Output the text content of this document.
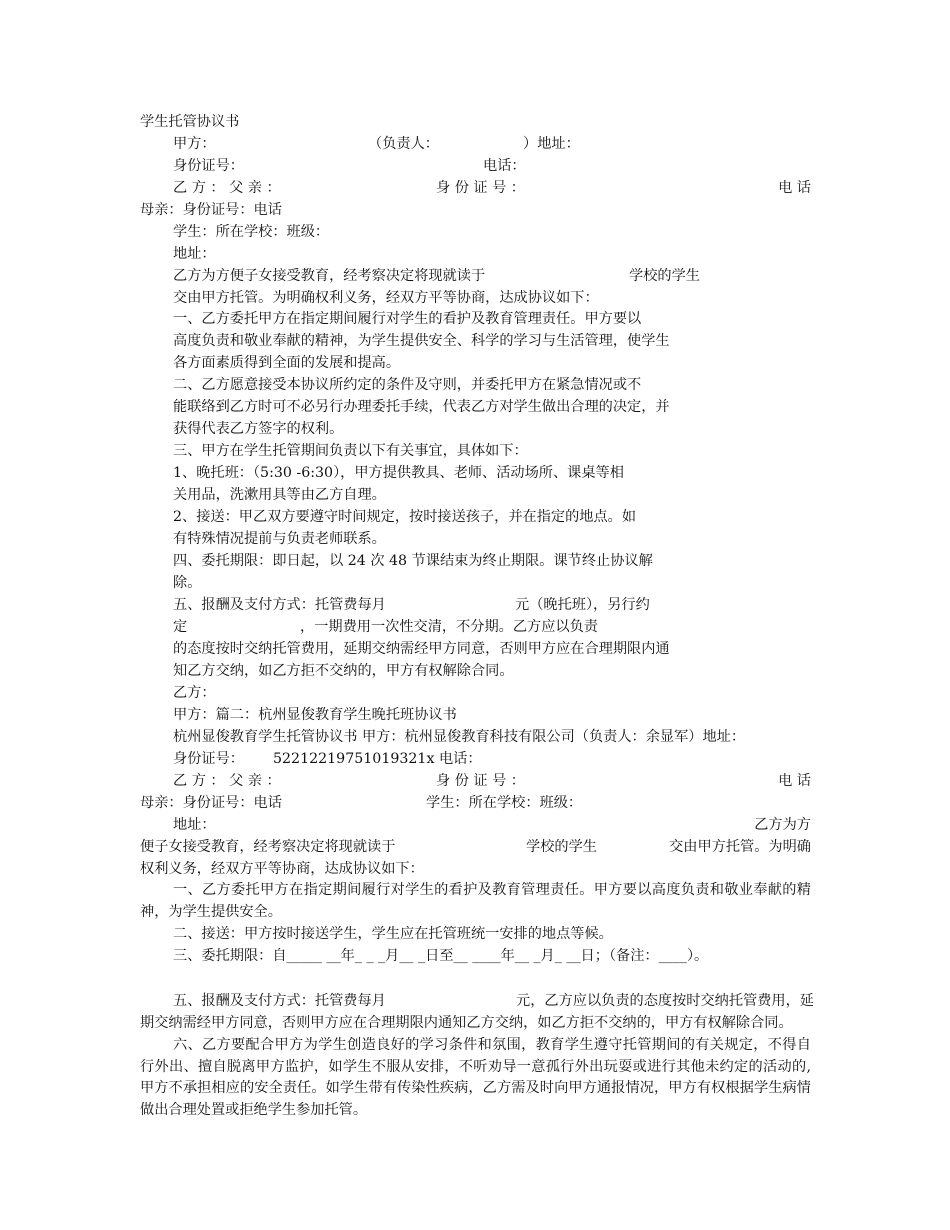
学生托管协议书
甲方：	（负责人：	）地址：
身份证号：	电话：
乙 方 ： 父 亲 ：	身 份 证 号 ：	电 话
母亲：身份证号：电话
学生：所在学校：班级：
地址：
乙方为方便子女接受教育，经考察决定将现就读于	学校的学生
交由甲方托管。为明确权利义务，经双方平等协商，达成协议如下：
一、乙方委托甲方在指定期间履行对学生的看护及教育管理责任。甲方要以
高度负责和敬业奉献的精神，为学生提供安全、科学的学习与生活管理，使学生
各方面素质得到全面的发展和提高。
二、乙方愿意接受本协议所约定的条件及守则，并委托甲方在紧急情况或不
能联络到乙方时可不必另行办理委托手续，代表乙方对学生做出合理的决定，并
获得代表乙方签字的权利。
三、甲方在学生托管期间负责以下有关事宜，具体如下：
1、晚托班：（5:30 -6:30），甲方提供教具、老师、活动场所、课桌等相
关用品，洗漱用具等由乙方自理。
2、接送：甲乙双方要遵守时间规定，按时接送孩子，并在指定的地点。如
有特殊情况提前与负责老师联系。
四、委托期限：即日起，以 24 次 48 节课结束为终止期限。课节终止协议解
除。
五、报酬及支付方式：托管费每月	元（晚托班），另行约
定	，一期费用一次性交清，不分期。乙方应以负责
的态度按时交纳托管费用，延期交纳需经甲方同意，否则甲方应在合理期限内通
知乙方交纳，如乙方拒不交纳的，甲方有权解除合同。
乙方：
甲方：篇二：杭州显俊教育学生晚托班协议书
杭州显俊教育学生托管协议书 甲方：杭州显俊教育科技有限公司（负责人：余显军）地址：
身份证号： 52212219751019321x 电话：
乙 方 ： 父 亲 ：	身 份 证 号 ：	电 话
母亲：身份证号：电话	学生：所在学校：班级：
地址：	乙方为方
便子女接受教育，经考察决定将现就读于	学校的学生	交由甲方托管。为明确
权利义务，经双方平等协商，达成协议如下：
一、乙方委托甲方在指定期间履行对学生的看护及教育管理责任。甲方要以高度负责和敬业奉献的精神，为学生提供安全。
二、接送：甲方按时接送学生，学生应在托管班统一安排的地点等候。
三、委托期限：自_____ __年_ _ _月__ _日至__ ____年__ _月_ __日；（备注：____）。
五、报酬及支付方式：托管费每月	元，乙方应以负责的态度按时交纳托管费用，延
六、乙方要配合甲方为学生创造良好的学习条件和氛围，教育学生遵守托管期间的有关规定，不得自行外出、擅自脱离甲方监护，如学生不服从安排，不听劝导一意孤行外出玩耍或进行其他未约定的活动的,甲方不承担相应的安全责任。如学生带有传染性疾病，乙方需及时向甲方通报情况，甲方有权根据学生病情做出合理处置或拒绝学生参加托管。
期交纳需经甲方同意，否则甲方应在合理期限内通知乙方交纳，如乙方拒不交纳的，甲方有权解除合同。
